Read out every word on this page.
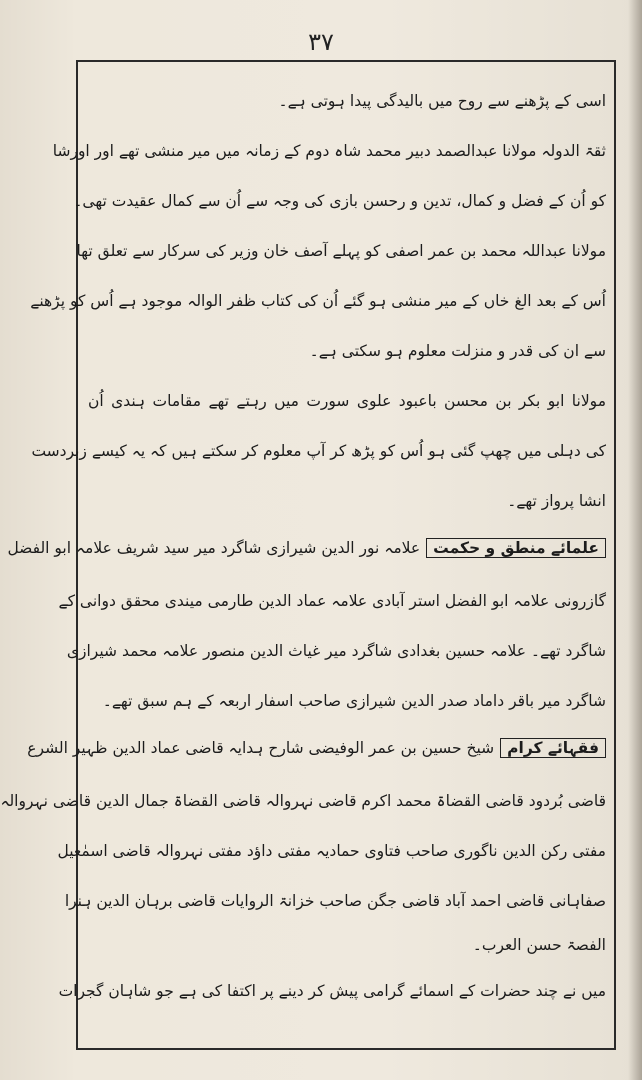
۳۷
اسی کے پڑھنے سے روح میں بالیدگی پیدا ہوتی ہے۔
ثقۃ الدولہ مولانا عبدالصمد دبیر محمد شاہ دوم کے زمانہ میں میر منشی تھے اور اورشا
کو اُن کے فضل و کمال، تدین و رحسن بازی کی وجہ سے اُن سے کمال عقیدت تھی۔
مولانا عبداللہ محمد بن عمر اصفی کو پہلے آصف خان وزیر کی سرکار سے تعلق تھا
اُس کے بعد الغ خاں کے میر منشی ہو گئے اُن کی کتاب ظفر الوالہ موجود ہے اُس کو پڑھنے
سے ان کی قدر و منزلت معلوم ہو سکتی ہے۔
مولانا ابو بکر بن محسن باعبود علوی سورت میں رہتے تھے مقامات ہندی اُن
کی دہلی میں چھپ گئی ہو اُس کو پڑھ کر آپ معلوم کر سکتے ہیں کہ یہ کیسے زبردست
انشا پرواز تھے۔
علمائے منطق و حکمتعلامہ نور الدین شیرازی شاگرد میر سید شریف علامہ ابو الفضل
گازرونی علامہ ابو الفضل استر آبادی علامہ عماد الدین طارمی میندی محقق دوانی کے
شاگرد تھے۔ علامہ حسین بغدادی شاگرد میر غیاث الدین منصور علامہ محمد شیرازی
شاگرد میر باقر داماد صدر الدین شیرازی صاحب اسفار اربعہ کے ہم سبق تھے۔
فقہائے کرامشیخ حسین بن عمر الوفیضی شارح ہدایہ قاضی عماد الدین ظہیر الشرع
قاضی بُردود قاضی القضاۃ محمد اکرم قاضی نہروالہ قاضی القضاۃ جمال الدین قاضی نہروالہ
مفتی رکن الدین ناگوری صاحب فتاوی حمادیہ مفتی داؤد مفتی نہروالہ قاضی اسمٰعیل
صفاہانی قاضی احمد آباد قاضی جگن صاحب خزانۃ الروایات قاضی برہان الدین ہنرا
الفصۃ حسن العرب۔
میں نے چند حضرات کے اسمائے گرامی پیش کر دینے پر اکتفا کی ہے جو شاہان گجرات
